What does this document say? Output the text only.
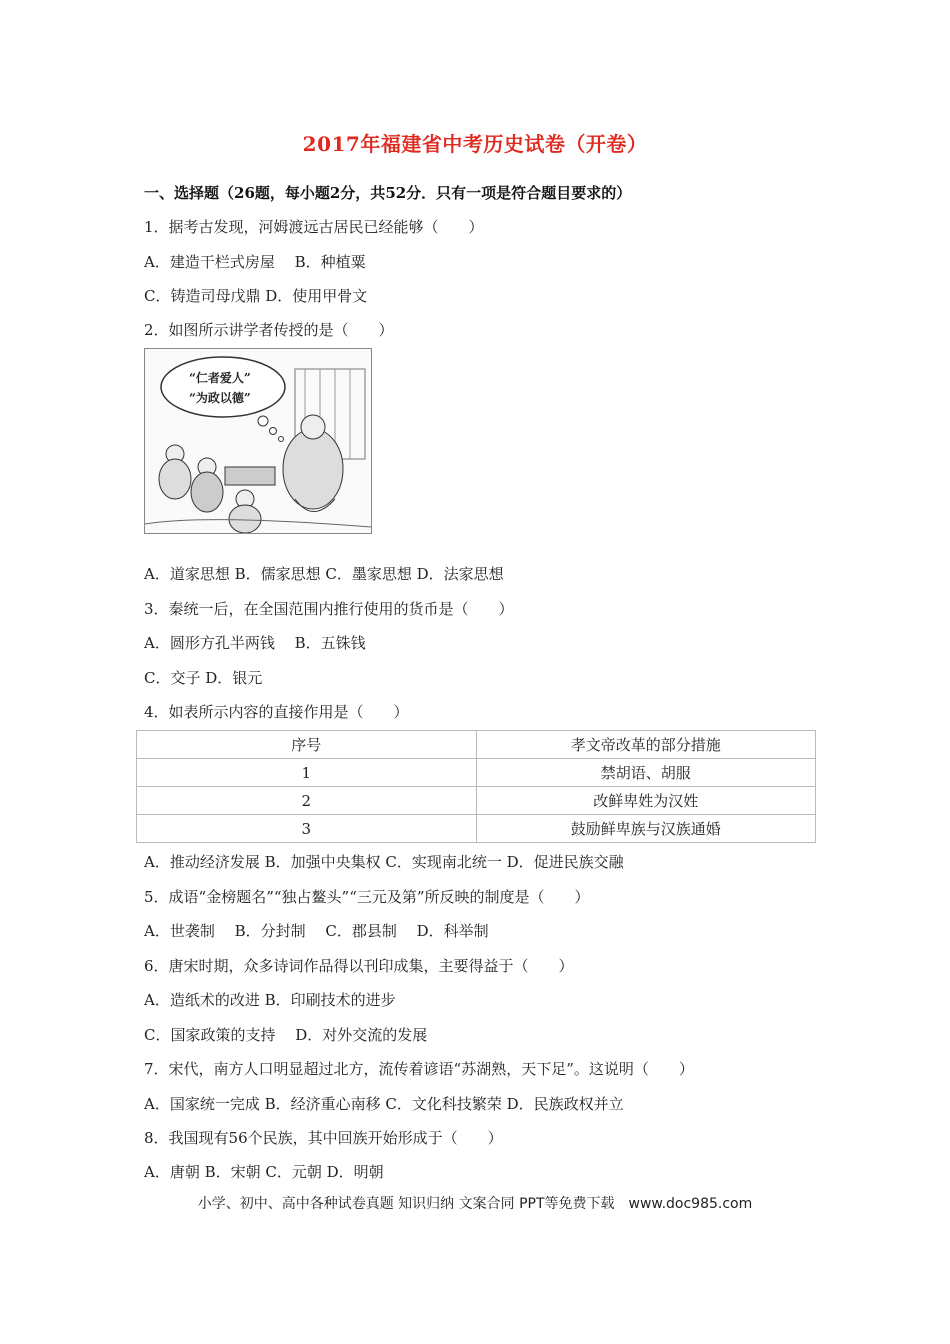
2017年福建省中考历史试卷（开卷）
一、选择题（26题，每小题2分，共52分．只有一项是符合题目要求的）
1．据考古发现，河姆渡远古居民已经能够（　　）
A．建造干栏式房屋　 B．种植粟
C．铸造司母戊鼎 D．使用甲骨文
2．如图所示讲学者传授的是（　　）
“仁者爱人”
“为政以德”
A．道家思想 B．儒家思想 C．墨家思想 D．法家思想
3．秦统一后，在全国范围内推行使用的货币是（　　）
A．圆形方孔半两钱　 B．五铢钱
C．交子 D．银元
4．如表所示内容的直接作用是（　　）
序号	孝文帝改革的部分措施
1	禁胡语、胡服
2	改鲜卑姓为汉姓
3	鼓励鲜卑族与汉族通婚
A．推动经济发展 B．加强中央集权 C．实现南北统一 D．促进民族交融
5．成语“金榜题名”“独占鳌头”“三元及第”所反映的制度是（　　）
A．世袭制　 B．分封制　 C．郡县制　 D．科举制
6．唐宋时期，众多诗词作品得以刊印成集，主要得益于（　　）
A．造纸术的改进 B．印刷技术的进步
C．国家政策的支持　 D．对外交流的发展
7．宋代，南方人口明显超过北方，流传着谚语“苏湖熟，天下足”。这说明（　　）
A．国家统一完成 B．经济重心南移 C．文化科技繁荣 D．民族政权并立
8．我国现有56个民族，其中回族开始形成于（　　）
A．唐朝 B．宋朝 C．元朝 D．明朝
小学、初中、高中各种试卷真题 知识归纳 文案合同 PPT等免费下载　www.doc985.com
